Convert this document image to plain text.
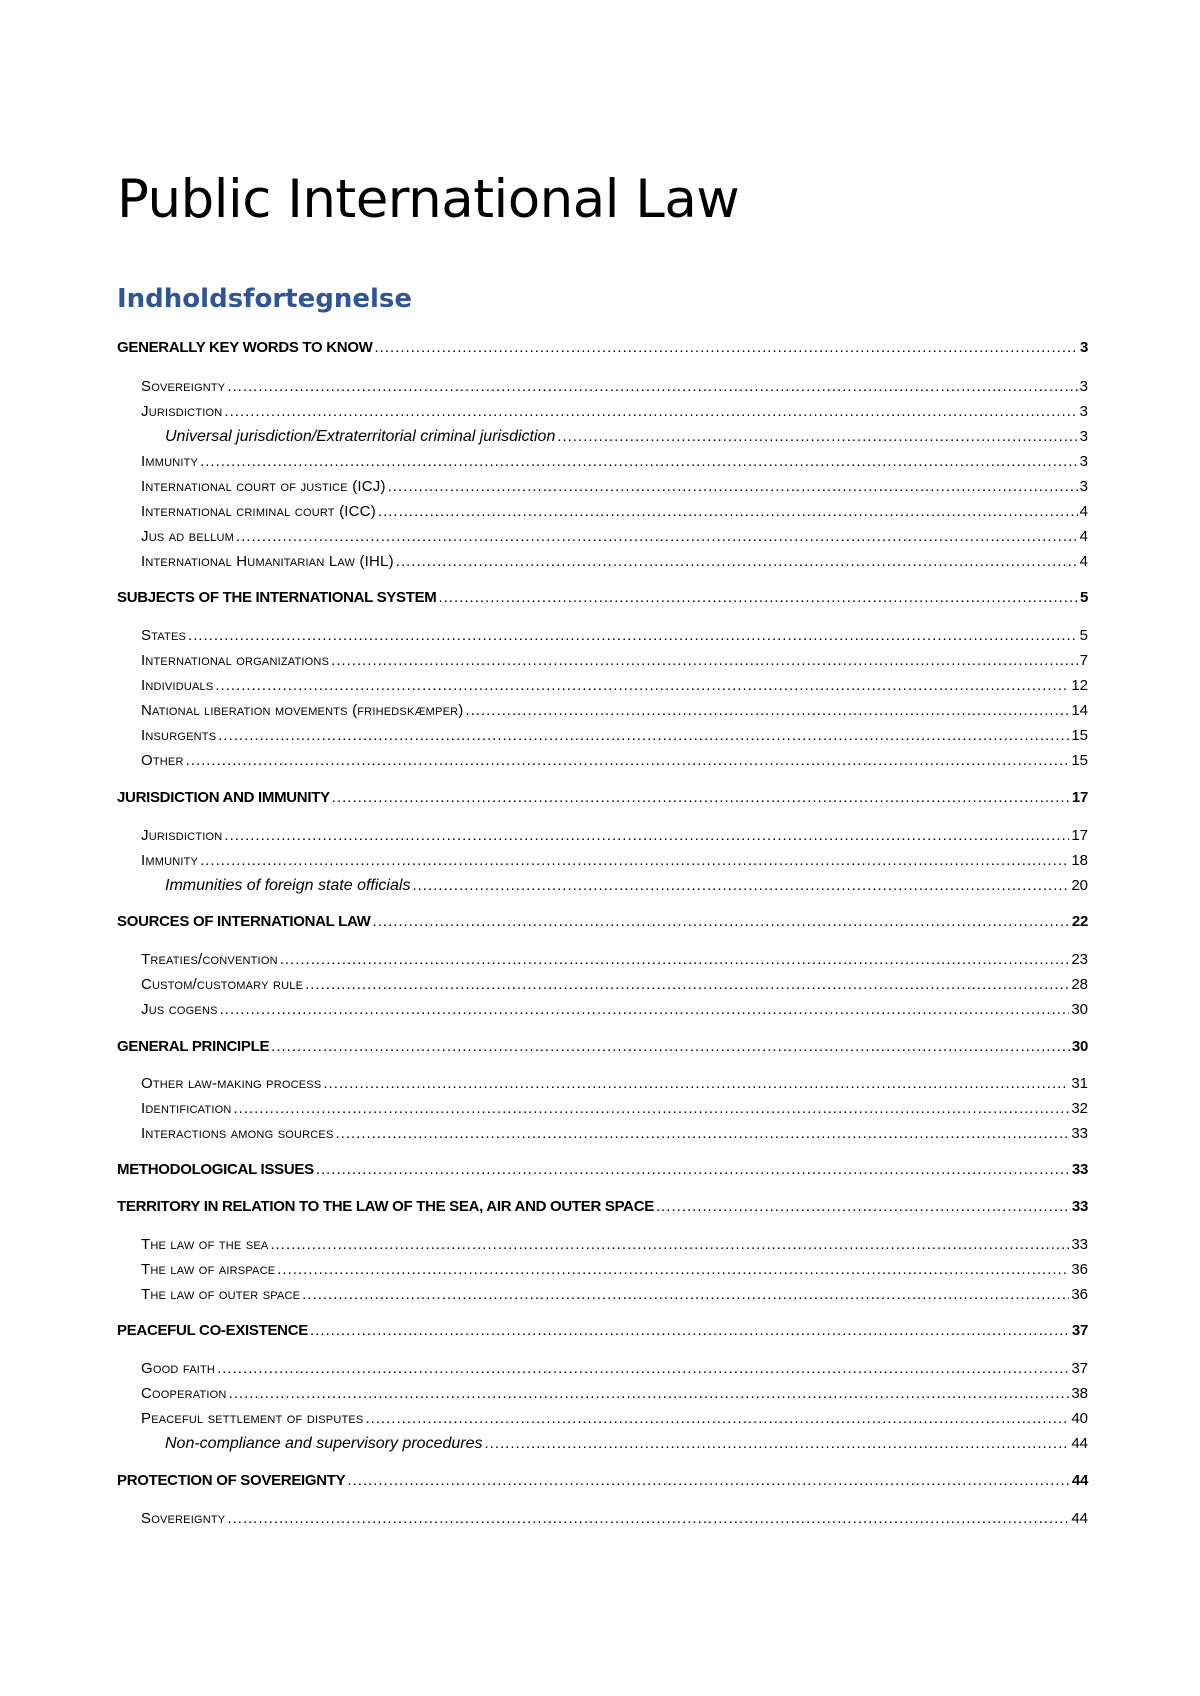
Public International Law
Indholdsfortegnelse
GENERALLY KEY WORDS TO KNOW .....	3
Sovereignty .....	3
Jurisdiction .....	3
Universal jurisdiction/Extraterritorial criminal jurisdiction .....	3
Immunity .....	3
International court of justice (ICJ) .....	3
International criminal court (ICC) .....	4
Jus ad bellum .....	4
International Humanitarian Law (IHL) .....	4
SUBJECTS OF THE INTERNATIONAL SYSTEM .....	5
States .....	5
International organizations .....	7
Individuals .....	12
National liberation movements (frihedskæmper) .....	14
Insurgents .....	15
Other .....	15
JURISDICTION AND IMMUNITY .....	17
Jurisdiction .....	17
Immunity .....	18
Immunities of foreign state officials .....	20
SOURCES OF INTERNATIONAL LAW .....	22
Treaties/convention .....	23
Custom/customary rule .....	28
Jus cogens .....	30
GENERAL PRINCIPLE .....	30
Other law-making process .....	31
Identification .....	32
Interactions among sources .....	33
METHODOLOGICAL ISSUES .....	33
TERRITORY IN RELATION TO THE LAW OF THE SEA, AIR AND OUTER SPACE .....	33
The law of the sea .....	33
The law of airspace .....	36
The law of outer space .....	36
PEACEFUL CO-EXISTENCE .....	37
Good faith .....	37
Cooperation .....	38
Peaceful settlement of disputes .....	40
Non-compliance and supervisory procedures .....	44
PROTECTION OF SOVEREIGNTY .....	44
Sovereignty .....	44
